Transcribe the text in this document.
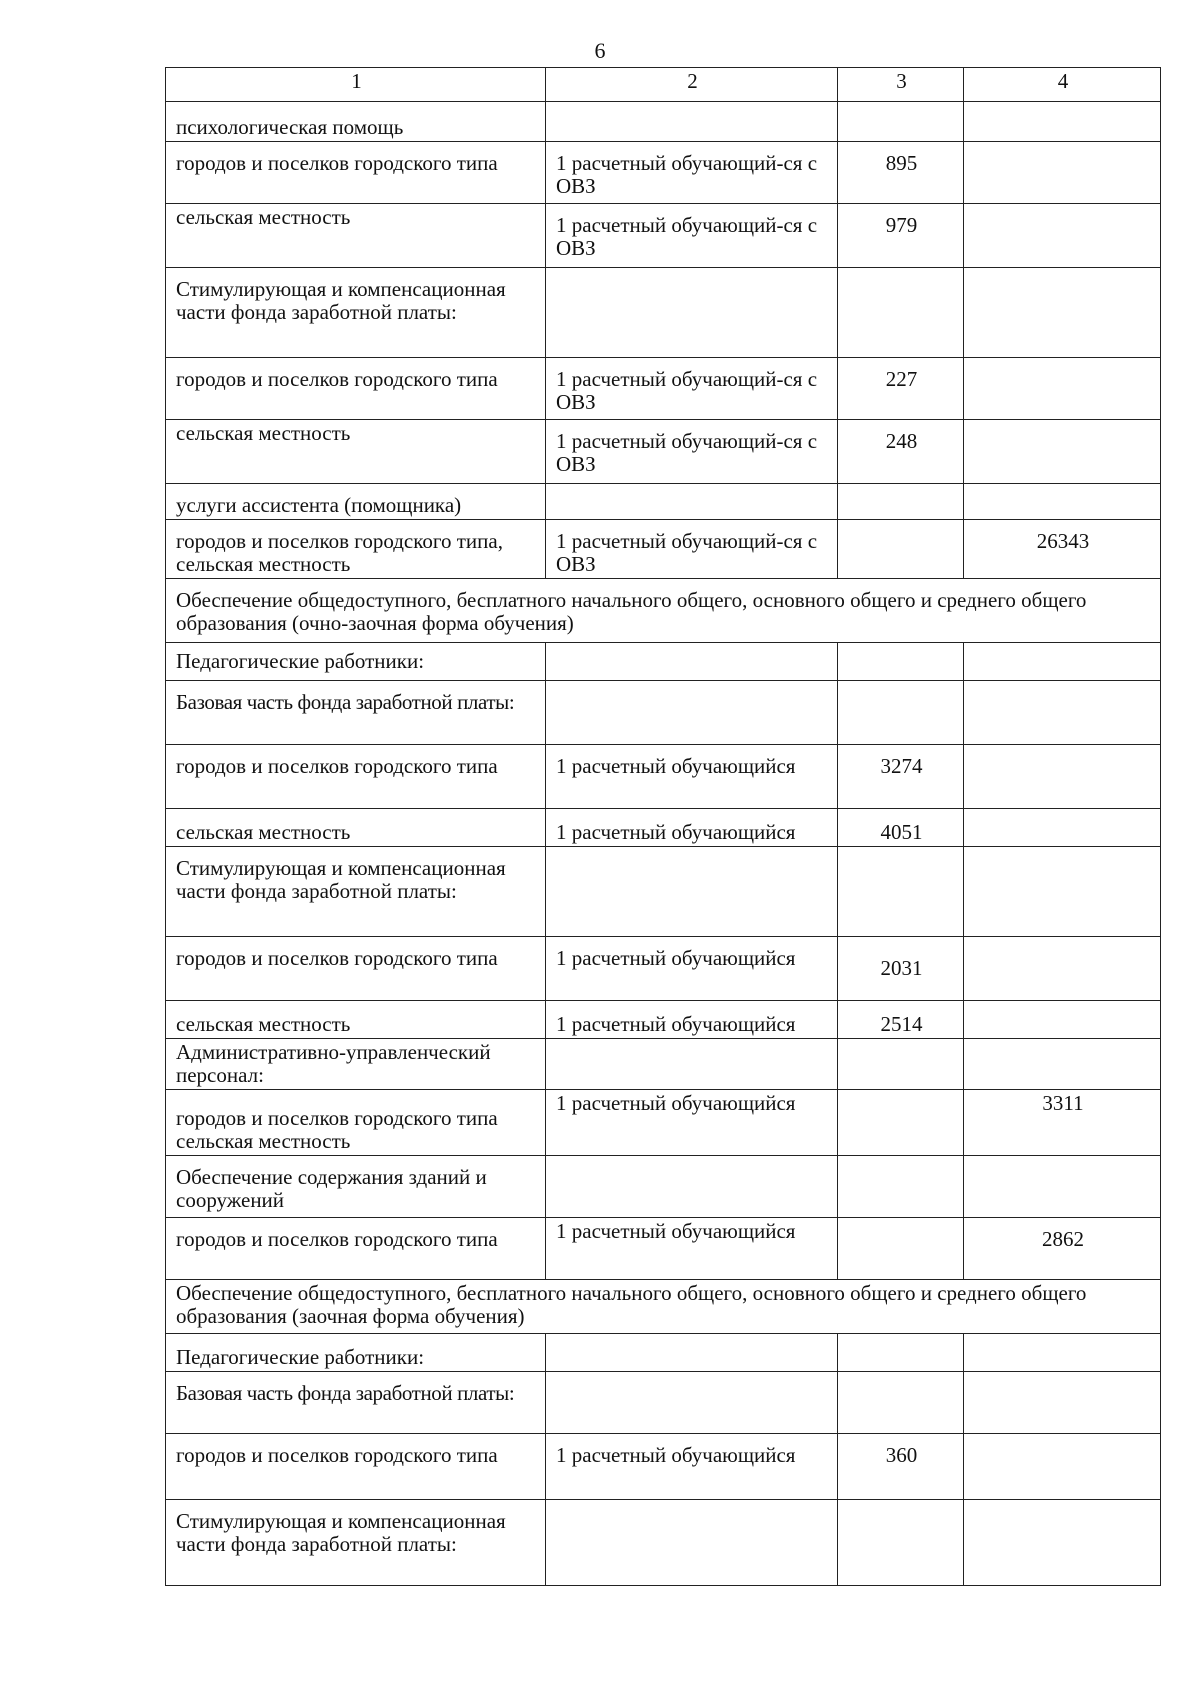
6
1	2	3	4
психологическая помощь			
городов и поселков городского типа	1 расчетный обучающий-ся с ОВЗ	895	
сельская местность	1 расчетный обучающий-ся с ОВЗ	979	
Стимулирующая и компенсационная части фонда заработной платы:			
городов и поселков городского типа	1 расчетный обучающий-ся с ОВЗ	227	
сельская местность	1 расчетный обучающий-ся с ОВЗ	248	
услуги ассистента (помощника)			
городов и поселков городского типа, сельская местность	1 расчетный обучающий-ся с ОВЗ		26343
Обеспечение общедоступного, бесплатного начального общего, основного общего и среднего общего образования (очно-заочная форма обучения)			
Педагогические работники:			
Базовая часть фонда заработной платы:			
городов и поселков городского типа	1 расчетный обучающийся	3274	
сельская местность	1 расчетный обучающийся	4051	
Стимулирующая и компенсационная части фонда заработной платы:			
городов и поселков городского типа	1 расчетный обучающийся	2031	
сельская местность	1 расчетный обучающийся	2514	
Административно-управленческий персонал:			
городов и поселков городского типа сельская местность	1 расчетный обучающийся		3311
Обеспечение содержания зданий и сооружений			
городов и поселков городского типа	1 расчетный обучающийся		2862
Обеспечение общедоступного, бесплатного начального общего, основного общего и среднего общего образования (заочная форма обучения)			
Педагогические работники:			
Базовая часть фонда заработной платы:			
городов и поселков городского типа	1 расчетный обучающийся	360	
Стимулирующая и компенсационная части фонда заработной платы:			
